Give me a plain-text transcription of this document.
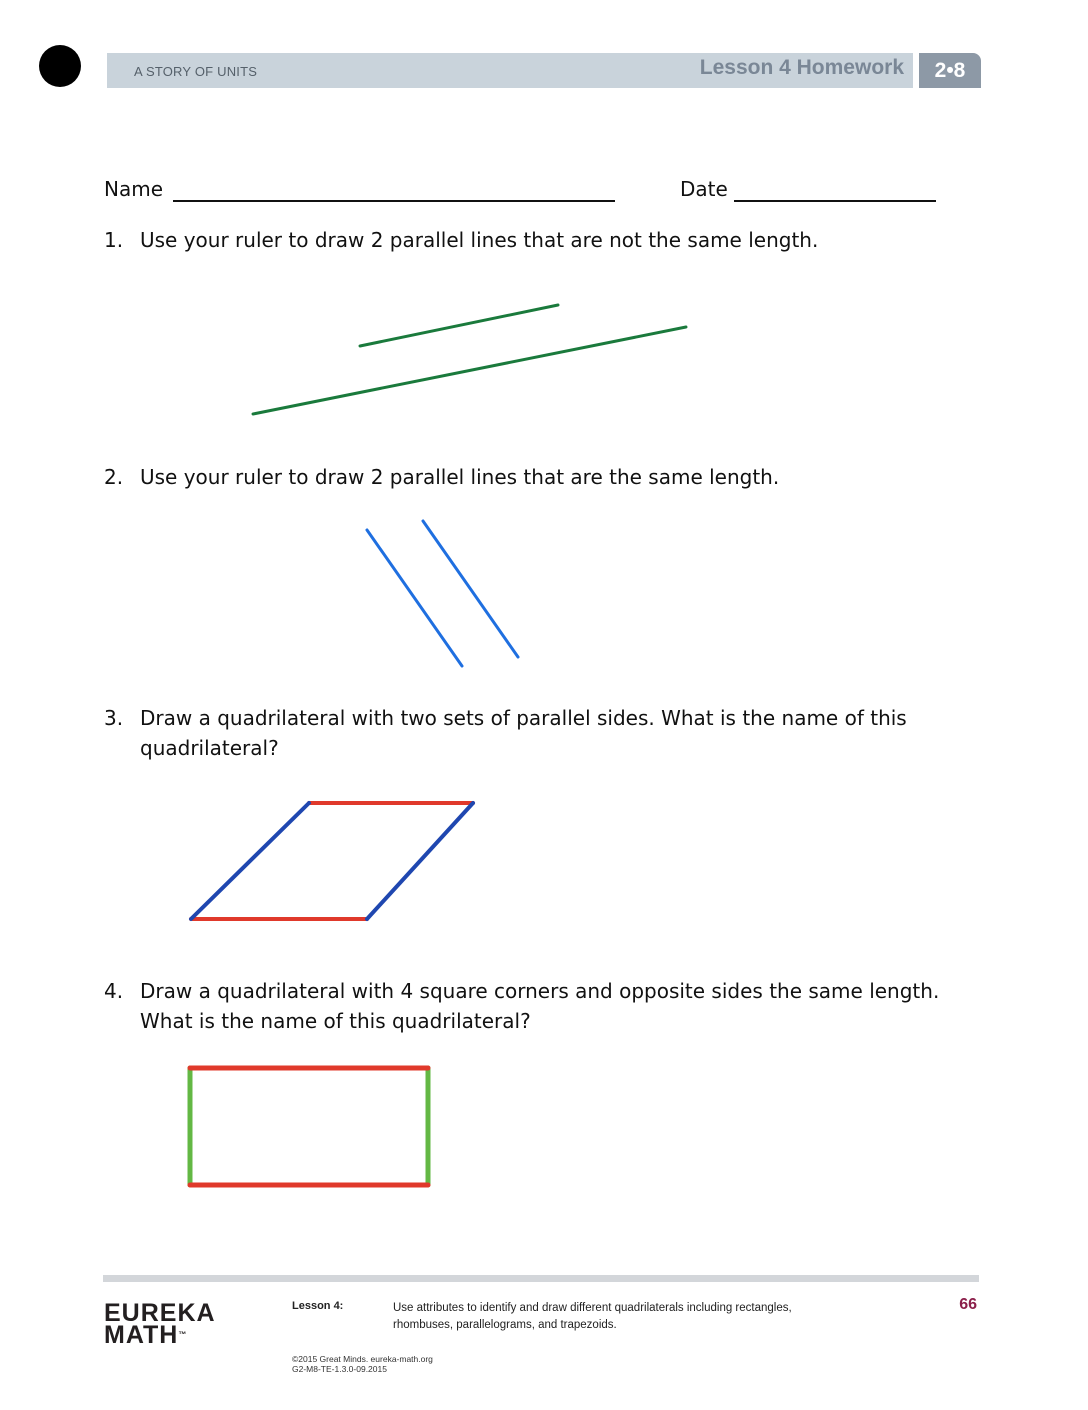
A STORY OF UNITS	Lesson 4 Homework	2•8
Name	Date
1. Use your ruler to draw 2 parallel lines that are not the same length.
2. Use your ruler to draw 2 parallel lines that are the same length.
3. Draw a quadrilateral with two sets of parallel sides. What is the name of this quadrilateral?
4. Draw a quadrilateral with 4 square corners and opposite sides the same length. What is the name of this quadrilateral?
EUREKA
MATH™
Lesson 4:	Use attributes to identify and draw different quadrilaterals including rectangles, rhombuses, parallelograms, and trapezoids.
66
©2015 Great Minds. eureka-math.org
G2-M8-TE-1.3.0-09.2015
